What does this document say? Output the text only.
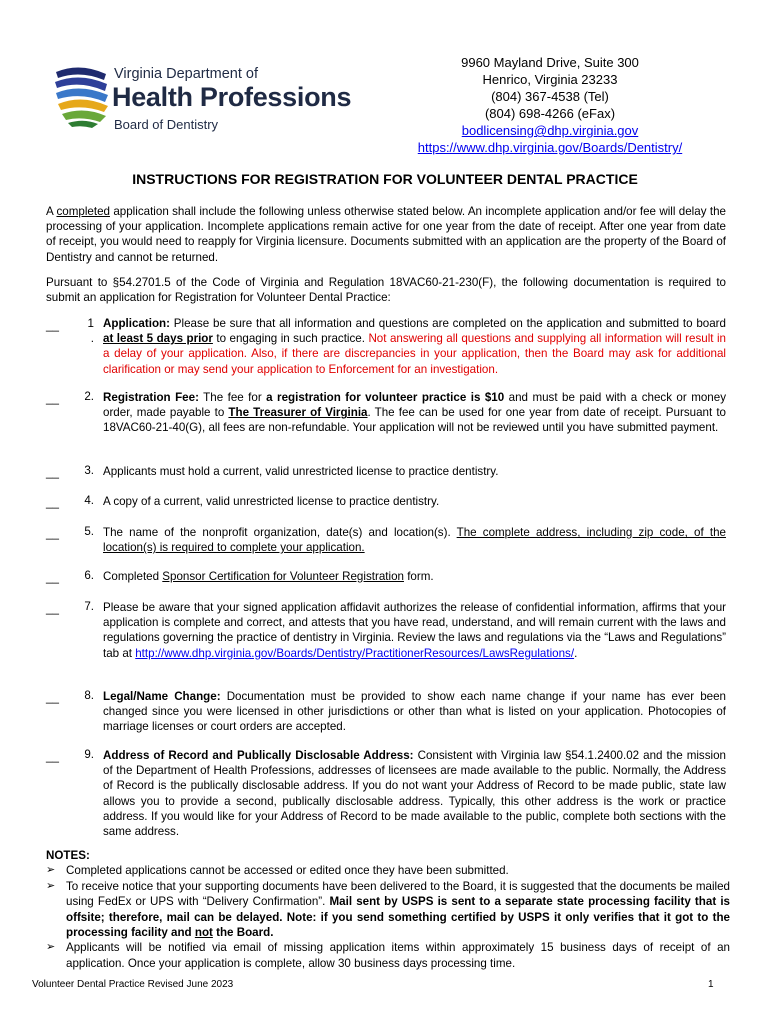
Virginia Department of
Health Professions
Board of Dentistry
9960 Mayland Drive, Suite 300
Henrico, Virginia 23233
(804) 367-4538 (Tel)
(804) 698-4266 (eFax)
bodlicensing@dhp.virginia.gov
https://www.dhp.virginia.gov/Boards/Dentistry/
INSTRUCTIONS FOR REGISTRATION FOR VOLUNTEER DENTAL PRACTICE
A completed application shall include the following unless otherwise stated below. An incomplete application and/or fee will delay the processing of your application. Incomplete applications remain active for one year from the date of receipt. After one year from date of receipt, you would need to reapply for Virginia licensure. Documents submitted with an application are the property of the Board of Dentistry and cannot be returned.
Pursuant to §54.2701.5 of the Code of Virginia and Regulation 18VAC60-21-230(F), the following documentation is required to submit an application for Registration for Volunteer Dental Practice:
__	1
.
Application: Please be sure that all information and questions are completed on the application and submitted to board at least 5 days prior to engaging in such practice. Not answering all questions and supplying all information will result in a delay of your application. Also, if there are discrepancies in your application, then the Board may ask for additional clarification or may send your application to Enforcement for an investigation.
__	2. Registration Fee: The fee for a registration for volunteer practice is $10 and must be paid with a check or money order, made payable to The Treasurer of Virginia. The fee can be used for one year from date of receipt. Pursuant to 18VAC60-21-40(G), all fees are non-refundable. Your application will not be reviewed until you have submitted payment.
__	3. Applicants must hold a current, valid unrestricted license to practice dentistry.
__	4. A copy of a current, valid unrestricted license to practice dentistry.
__	5. The name of the nonprofit organization, date(s) and location(s). The complete address, including zip code, of the location(s) is required to complete your application.
__	6. Completed Sponsor Certification for Volunteer Registration form.
__	7. Please be aware that your signed application affidavit authorizes the release of confidential information, affirms that your application is complete and correct, and attests that you have read, understand, and will remain current with the laws and regulations governing the practice of dentistry in Virginia. Review the laws and regulations via the “Laws and Regulations” tab at http://www.dhp.virginia.gov/Boards/Dentistry/PractitionerResources/LawsRegulations/.
__	8. Legal/Name Change: Documentation must be provided to show each name change if your name has ever been changed since you were licensed in other jurisdictions or other than what is listed on your application. Photocopies of marriage licenses or court orders are accepted.
__	9. Address of Record and Publically Disclosable Address: Consistent with Virginia law §54.1.2400.02 and the mission of the Department of Health Professions, addresses of licensees are made available to the public. Normally, the Address of Record is the publically disclosable address. If you do not want your Address of Record to be made public, state law allows you to provide a second, publically disclosable address. Typically, this other address is the work or practice address. If you would like for your Address of Record to be made available to the public, complete both sections with the same address.
NOTES:
➢ Completed applications cannot be accessed or edited once they have been submitted.
➢ To receive notice that your supporting documents have been delivered to the Board, it is suggested that the documents be mailed using FedEx or UPS with “Delivery Confirmation”. Mail sent by USPS is sent to a separate state processing facility that is offsite; therefore, mail can be delayed. Note: if you send something certified by USPS it only verifies that it got to the processing facility and not the Board.
➢ Applicants will be notified via email of missing application items within approximately 15 business days of receipt of an application. Once your application is complete, allow 30 business days processing time.
Volunteer Dental Practice Revised June 2023	1
